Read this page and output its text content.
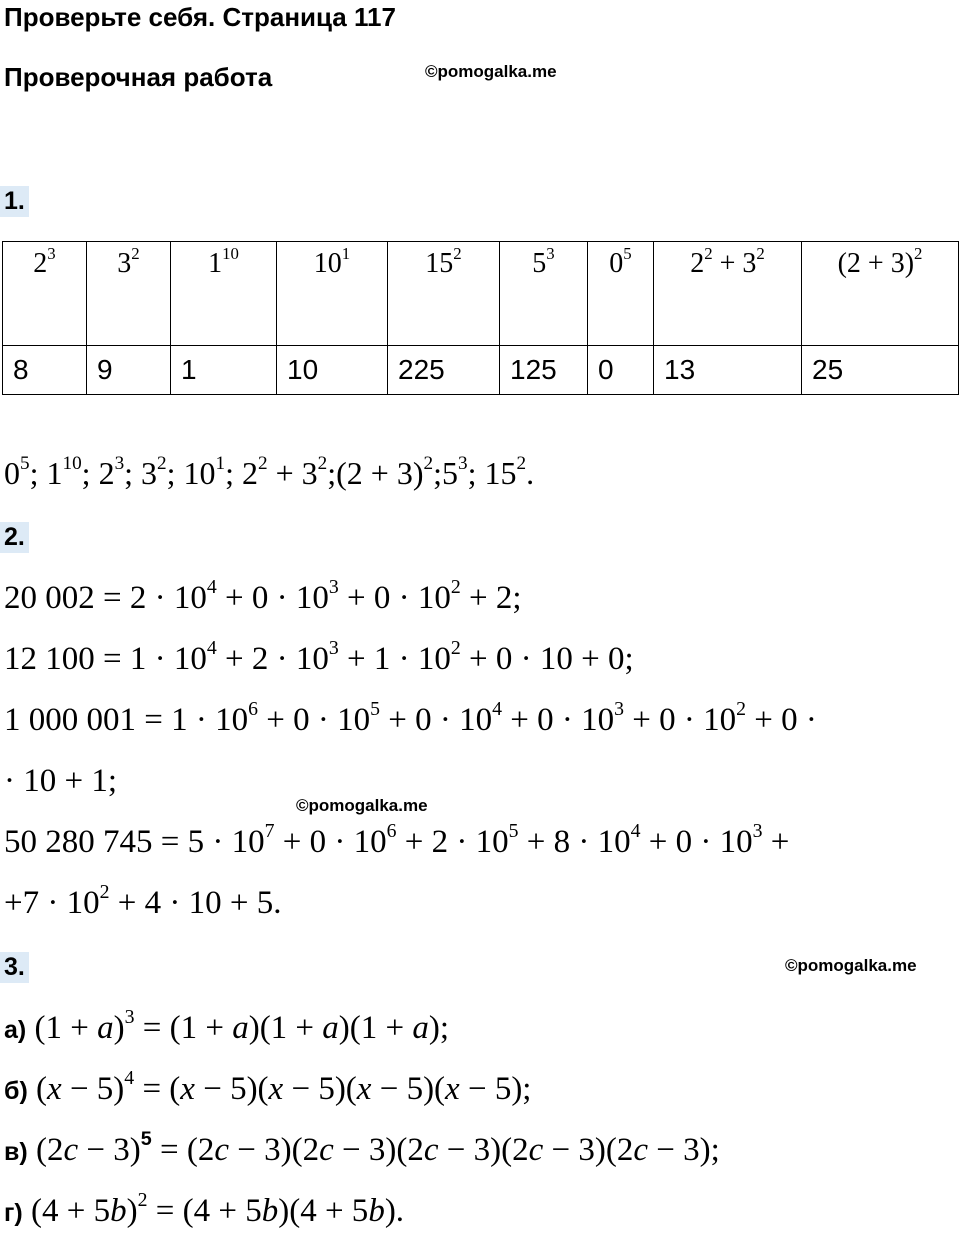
Проверьте себя. Страница 117
Проверочная работа	©pomogalka.me
1.
$2^3$	$3^2$	$1^{10}$	$10^1$	$15^2$	$5^3$	$0^5$	$2^2 + 3^2$	$(2 + 3)^2$
8	9	1	10	225	125	0	13	25
$0^5$; $1^{10}$; $2^3$; $3^2$; $10^1$; $2^2$ + $3^2;(2$ + $3)^2;5^3$; $15^2$.
2.
20 $002 = 2 \cdot 10^4 + 0 \cdot 10^3 + 0 \cdot 10^2 + 2$;
12 $100 = 1 \cdot 10^4 + 2 \cdot 10^3 + 1 \cdot 10^2 + 0 \cdot 10 + 0$;
1 000 $001 = 1 \cdot 10^6 + 0 \cdot 10^5 + 0 \cdot 10^4 + 0 \cdot 10^3 + 0 \cdot 10^2 + 0$ ·
· 10 + 1;
50 280 $745 = 5 \cdot 10^7 + 0 \cdot 10^6 + 2 \cdot 10^5 + 8 \cdot 10^4 + 0 \cdot 10^3$ +
$+7 \cdot 10^2 + 4 \cdot 10 + 5$.
©pomogalka.me
3.	©pomogalka.me
а) $(1 + a)^3 = (1 + a)(1 + a)(1 + a)$;
б) $(x - 5)^4 = (x - 5)(x - 5)(x - 5)(x - 5)$;
в) $(2c - 3)^5 = (2c - 3)(2c - 3)(2c - 3)(2c - 3)(2c - 3)$;
г) $(4 + 5b)^2 = (4 + 5b)(4 + 5b)$.
